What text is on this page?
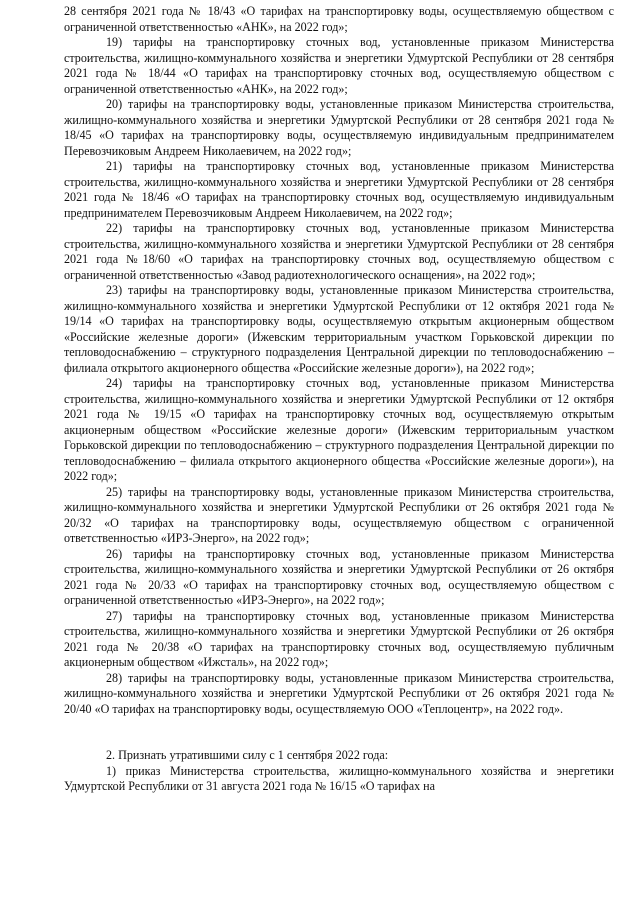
28 сентября 2021 года № 18/43 «О тарифах на транспортировку воды, осуществляемую обществом с ограниченной ответственностью «АНК», на 2022 год»;

19) тарифы на транспортировку сточных вод, установленные приказом Министерства строительства, жилищно-коммунального хозяйства и энергетики Удмуртской Республики от 28 сентября 2021 года № 18/44 «О тарифах на транспортировку сточных вод, осуществляемую обществом с ограниченной ответственностью «АНК», на 2022 год»;

20) тарифы на транспортировку воды, установленные приказом Министерства строительства, жилищно-коммунального хозяйства и энергетики Удмуртской Республики от 28 сентября 2021 года № 18/45 «О тарифах на транспортировку воды, осуществляемую индивидуальным предпринимателем Перевозчиковым Андреем Николаевичем, на 2022 год»;

21) тарифы на транспортировку сточных вод, установленные приказом Министерства строительства, жилищно-коммунального хозяйства и энергетики Удмуртской Республики от 28 сентября 2021 года № 18/46 «О тарифах на транспортировку сточных вод, осуществляемую индивидуальным предпринимателем Перевозчиковым Андреем Николаевичем, на 2022 год»;

22) тарифы на транспортировку сточных вод, установленные приказом Министерства строительства, жилищно-коммунального хозяйства и энергетики Удмуртской Республики от 28 сентября 2021 года №18/60 «О тарифах на транспортировку сточных вод, осуществляемую обществом с ограниченной ответственностью «Завод радиотехнологического оснащения», на 2022 год»;

23) тарифы на транспортировку воды, установленные приказом Министерства строительства, жилищно-коммунального хозяйства и энергетики Удмуртской Республики от 12 октября 2021 года № 19/14 «О тарифах на транспортировку воды, осуществляемую открытым акционерным обществом «Российские железные дороги» (Ижевским территориальным участком Горьковской дирекции по тепловодоснабжению – структурного подразделения Центральной дирекции по тепловодоснабжению – филиала открытого акционерного общества «Российские железные дороги»), на 2022 год»;

24) тарифы на транспортировку сточных вод, установленные приказом Министерства строительства, жилищно-коммунального хозяйства и энергетики Удмуртской Республики от 12 октября 2021 года № 19/15 «О тарифах на транспортировку сточных вод, осуществляемую открытым акционерным обществом «Российские железные дороги» (Ижевским территориальным участком Горьковской дирекции по тепловодоснабжению – структурного подразделения Центральной дирекции по тепловодоснабжению – филиала открытого акционерного общества «Российские железные дороги»), на 2022 год»;

25) тарифы на транспортировку воды, установленные приказом Министерства строительства, жилищно-коммунального хозяйства и энергетики Удмуртской Республики от 26 октября 2021 года № 20/32 «О тарифах на транспортировку воды, осуществляемую обществом с ограниченной ответственностью «ИРЗ-Энерго», на 2022 год»;

26) тарифы на транспортировку сточных вод, установленные приказом Министерства строительства, жилищно-коммунального хозяйства и энергетики Удмуртской Республики от 26 октября 2021 года № 20/33 «О тарифах на транспортировку сточных вод, осуществляемую обществом с ограниченной ответственностью «ИРЗ-Энерго», на 2022 год»;

27) тарифы на транспортировку сточных вод, установленные приказом Министерства строительства, жилищно-коммунального хозяйства и энергетики Удмуртской Республики от 26 октября 2021 года № 20/38 «О тарифах на транспортировку сточных вод, осуществляемую публичным акционерным обществом «Ижсталь», на 2022 год»;

28) тарифы на транспортировку воды, установленные приказом Министерства строительства, жилищно-коммунального хозяйства и энергетики Удмуртской Республики от 26 октября 2021 года № 20/40 «О тарифах на транспортировку воды, осуществляемую ООО «Теплоцентр», на 2022 год».

2. Признать утратившими силу с 1 сентября 2022 года:

1) приказ Министерства строительства, жилищно-коммунального хозяйства и энергетики Удмуртской Республики от 31 августа 2021 года № 16/15 «О тарифах на
